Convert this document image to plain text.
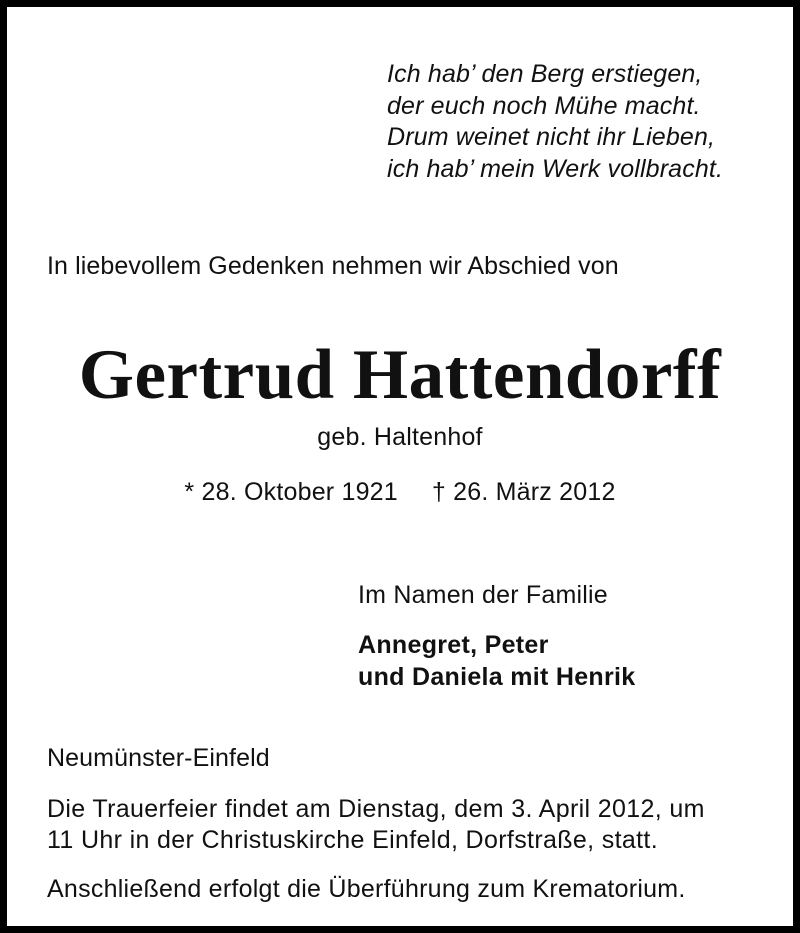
Ich hab’ den Berg erstiegen,
der euch noch Mühe macht.
Drum weinet nicht ihr Lieben,
ich hab’ mein Werk vollbracht.
In liebevollem Gedenken nehmen wir Abschied von
Gertrud Hattendorff
geb. Haltenhof
* 28. Oktober 1921 † 26. März 2012
Im Namen der Familie
Annegret, Peter
und Daniela mit Henrik
Neumünster-Einfeld
Die Trauerfeier findet am Dienstag, dem 3. April 2012, um
11 Uhr in der Christuskirche Einfeld, Dorfstraße, statt.
Anschließend erfolgt die Überführung zum Krematorium.
